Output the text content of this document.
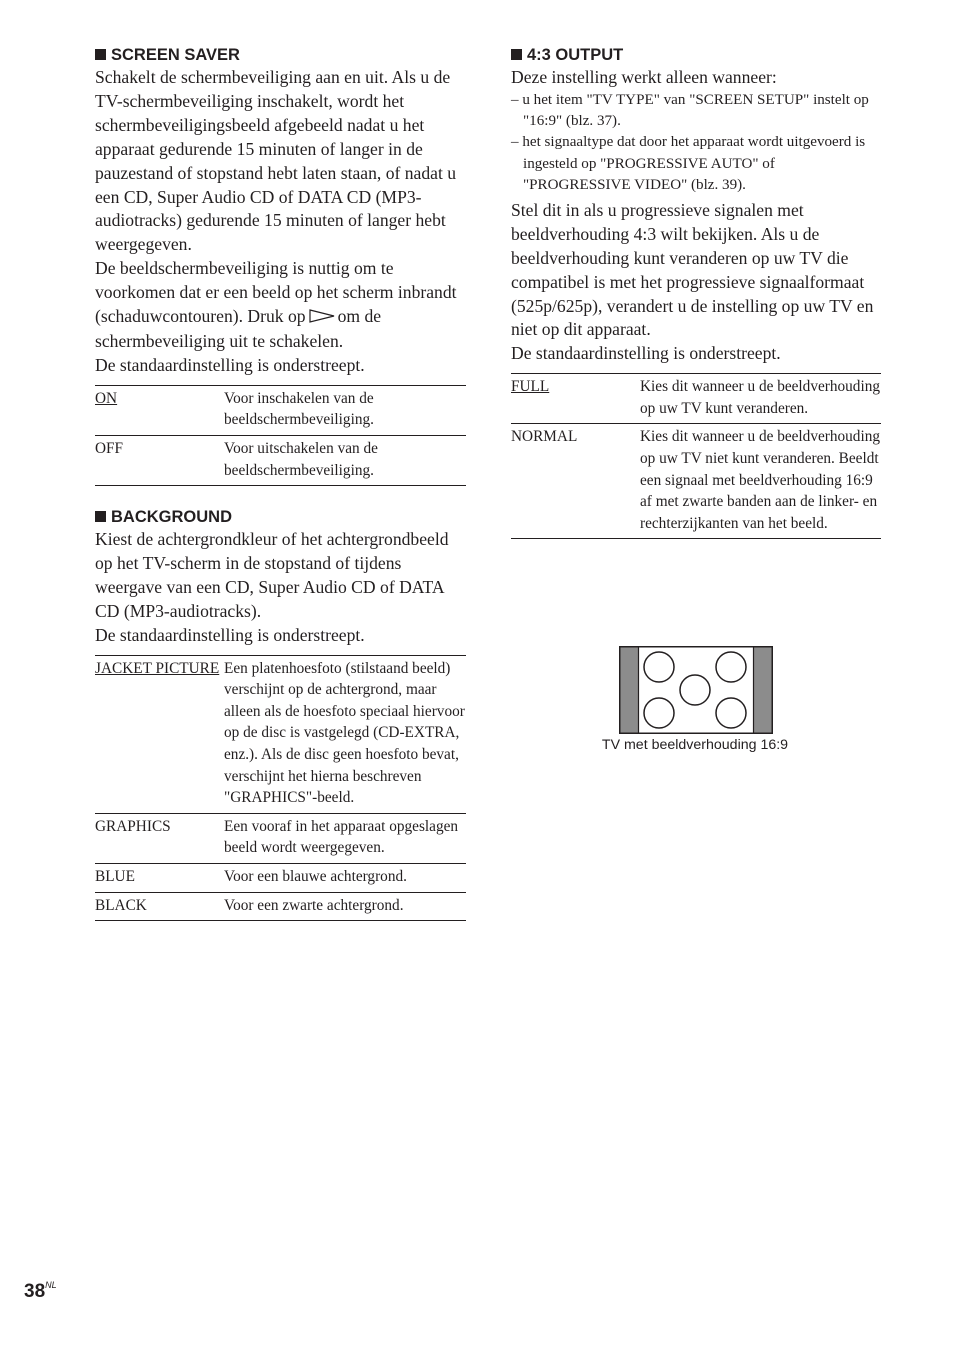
SCREEN SAVER

Schakelt de schermbeveiliging aan en uit. Als u de TV-schermbeveiliging inschakelt, wordt het schermbeveiligingsbeeld afgebeeld nadat u het apparaat gedurende 15 minuten of langer in de pauzestand of stopstand hebt laten staan, of nadat u een CD, Super Audio CD of DATA CD (MP3-audiotracks) gedurende 15 minuten of langer hebt weergegeven.

De beeldschermbeveiliging is nuttig om te voorkomen dat er een beeld op het scherm inbrandt (schaduwcontouren). Druk op om de schermbeveiliging uit te schakelen.

De standaardinstelling is onderstreept.

ON	Voor inschakelen van de beeldschermbeveiliging.
OFF	Voor uitschakelen van de beeldschermbeveiliging.
BACKGROUND

Kiest de achtergrondkleur of het achtergrondbeeld op het TV-scherm in de stopstand of tijdens weergave van een CD, Super Audio CD of DATA CD (MP3-audiotracks).

De standaardinstelling is onderstreept.

JACKET PICTURE	Een platenhoesfoto (stilstaand beeld) verschijnt op de achtergrond, maar alleen als de hoesfoto speciaal hiervoor op de disc is vastgelegd (CD-EXTRA, enz.). Als de disc geen hoesfoto bevat, verschijnt het hierna beschreven "GRAPHICS"-beeld.
GRAPHICS	Een vooraf in het apparaat opgeslagen beeld wordt weergegeven.
BLUE	Voor een blauwe achtergrond.
BLACK	Voor een zwarte achtergrond.
4:3 OUTPUT

Deze instelling werkt alleen wanneer:

– u het item "TV TYPE" van "SCREEN SETUP" instelt op "16:9" (blz. 37).

– het signaaltype dat door het apparaat wordt uitgevoerd is ingesteld op "PROGRESSIVE AUTO" of "PROGRESSIVE VIDEO" (blz. 39).

Stel dit in als u progressieve signalen met beeldverhouding 4:3 wilt bekijken. Als u de beeldverhouding kunt veranderen op uw TV die compatibel is met het progressieve signaalformaat (525p/625p), verandert u de instelling op uw TV en niet op dit apparaat.

De standaardinstelling is onderstreept.

FULL	Kies dit wanneer u de beeldverhouding op uw TV kunt veranderen.
NORMAL	Kies dit wanneer u de beeldverhouding op uw TV niet kunt veranderen. Beeldt een signaal met beeldverhouding 16:9 af met zwarte banden aan de linker- en rechterzijkanten van het beeld.
TV met beeldverhouding 16:9
$38^{NL}$
